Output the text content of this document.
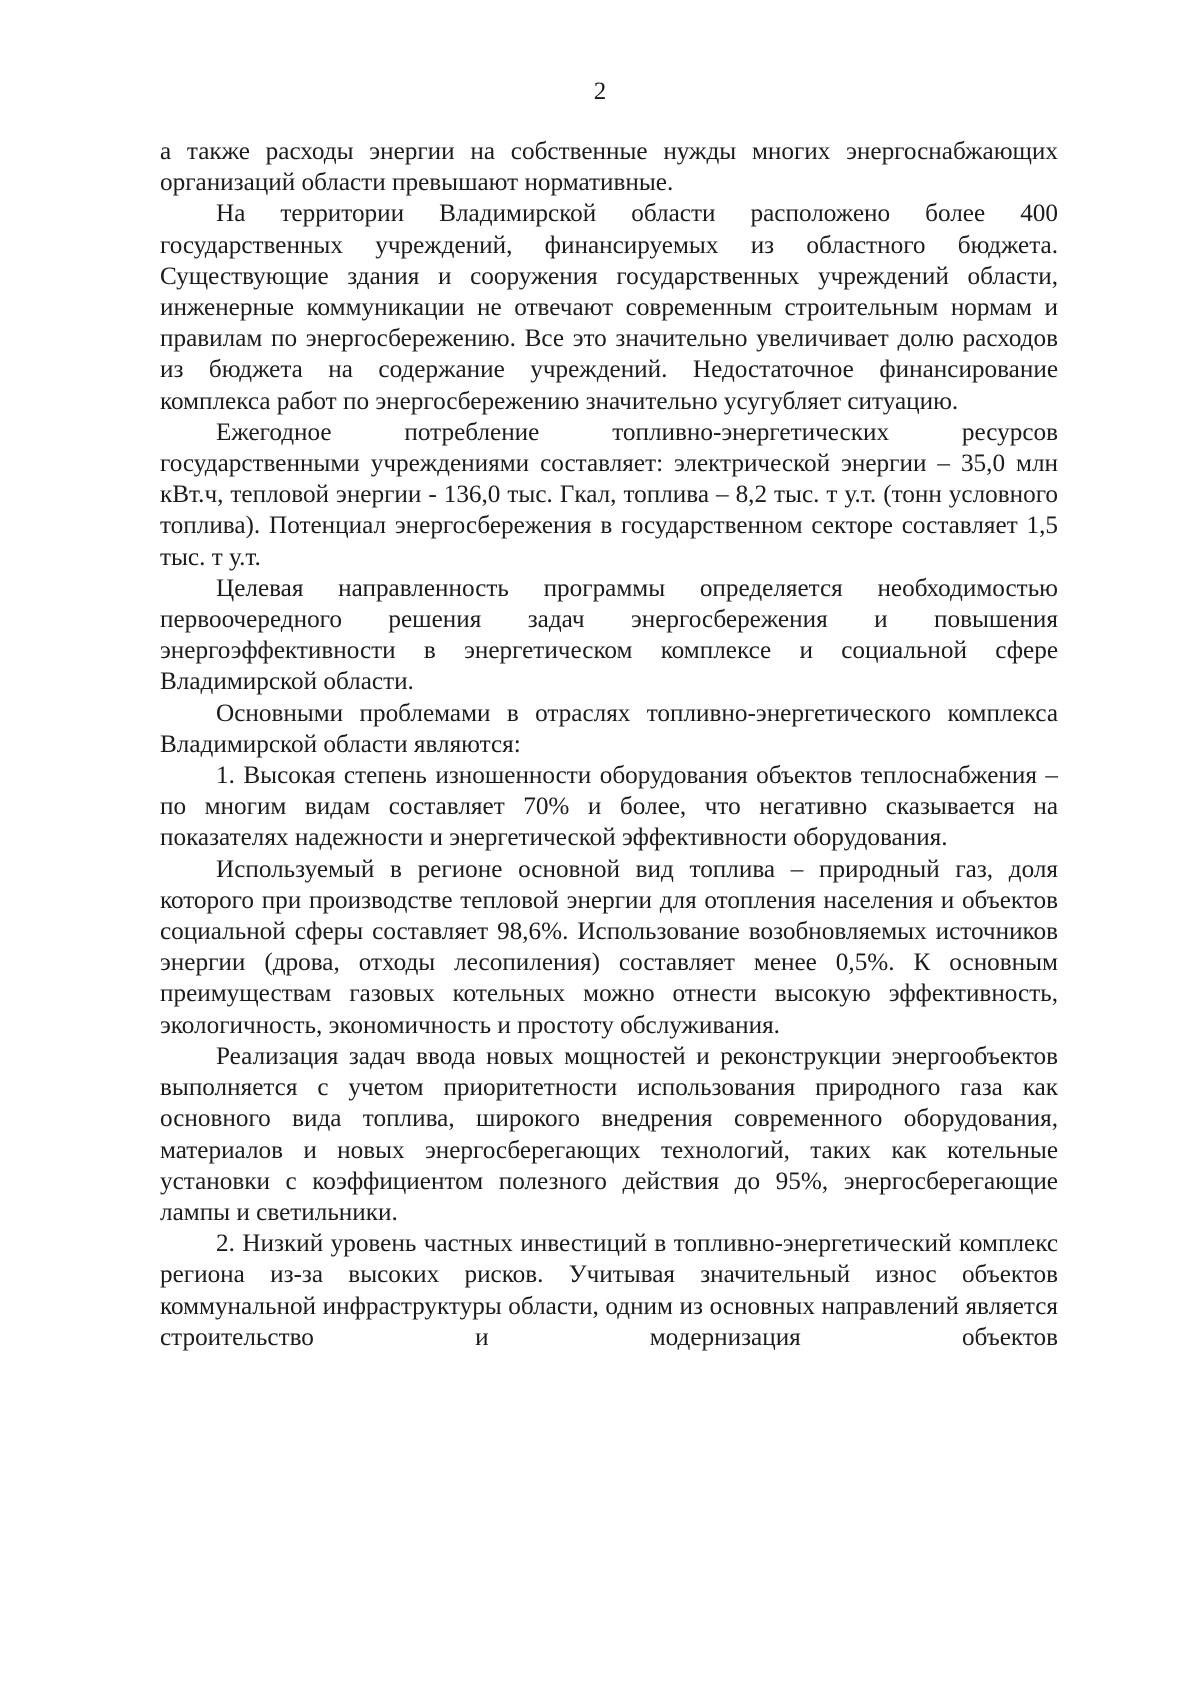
2

а также расходы энергии на собственные нужды многих энергоснабжающих организаций области превышают нормативные.

На территории Владимирской области расположено более 400 государственных учреждений, финансируемых из областного бюджета. Существующие здания и сооружения государственных учреждений области, инженерные коммуникации не отвечают современным строительным нормам и правилам по энергосбережению. Все это значительно увеличивает долю расходов из бюджета на содержание учреждений. Недостаточное финансирование комплекса работ по энергосбережению значительно усугубляет ситуацию.

Ежегодное потребление топливно-энергетических ресурсов государственными учреждениями составляет: электрической энергии – 35,0 млн кВт.ч, тепловой энергии - 136,0 тыс. Гкал, топлива – 8,2 тыс. т у.т. (тонн условного топлива). Потенциал энергосбережения в государственном секторе составляет 1,5 тыс. т у.т.

Целевая направленность программы определяется необходимостью первоочередного решения задач энергосбережения и повышения энергоэффективности в энергетическом комплексе и социальной сфере Владимирской области.

Основными проблемами в отраслях топливно-энергетического комплекса Владимирской области являются:

1. Высокая степень изношенности оборудования объектов теплоснабжения – по многим видам составляет 70% и более, что негативно сказывается на показателях надежности и энергетической эффективности оборудования.

Используемый в регионе основной вид топлива – природный газ, доля которого при производстве тепловой энергии для отопления населения и объектов социальной сферы составляет 98,6%. Использование возобновляемых источников энергии (дрова, отходы лесопиления) составляет менее 0,5%. К основным преимуществам газовых котельных можно отнести высокую эффективность, экологичность, экономичность и простоту обслуживания.

Реализация задач ввода новых мощностей и реконструкции энергообъектов выполняется с учетом приоритетности использования природного газа как основного вида топлива, широкого внедрения современного оборудования, материалов и новых энергосберегающих технологий, таких как котельные установки с коэффициентом полезного действия до 95%, энергосберегающие лампы и светильники.

2. Низкий уровень частных инвестиций в топливно-энергетический комплекс региона из-за высоких рисков. Учитывая значительный износ объектов коммунальной инфраструктуры области, одним из основных направлений является строительство и модернизация объектов
